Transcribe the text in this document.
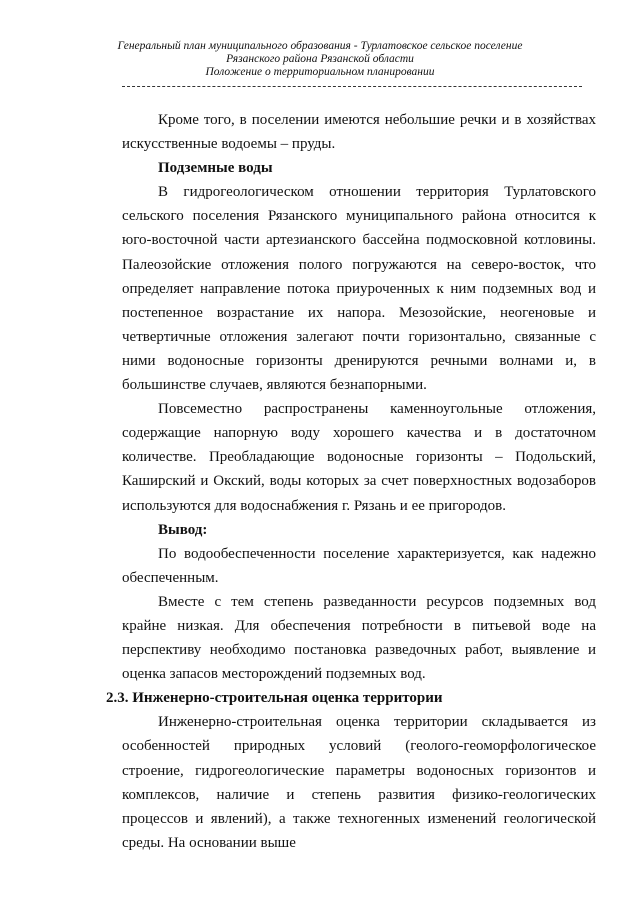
Генеральный план муниципального образования - Турлатовское сельское поселение
Рязанского района Рязанской области
Положение о территориальном планировании

Кроме того, в поселении имеются небольшие речки и в хозяйствах искусственные водоемы – пруды.

Подземные воды

В гидрогеологическом отношении территория Турлатовского сельского поселения Рязанского муниципального района относится к юго-восточной части артезианского бассейна подмосковной котловины. Палеозойские отложения полого погружаются на северо-восток, что определяет направление потока приуроченных к ним подземных вод и постепенное возрастание их напора. Мезозойские, неогеновые и четвертичные отложения залегают почти горизонтально, связанные с ними водоносные горизонты дренируются речными волнами и, в большинстве случаев, являются безнапорными.

Повсеместно распространены каменноугольные отложения, содержащие напорную воду хорошего качества и в достаточном количестве. Преобладающие водоносные горизонты – Подольский, Каширский и Окский, воды которых за счет поверхностных водозаборов используются для водоснабжения г. Рязань и ее пригородов.

Вывод:

По водообеспеченности поселение характеризуется, как надежно обеспеченным.

Вместе с тем степень разведанности ресурсов подземных вод крайне низкая. Для обеспечения потребности в питьевой воде на перспективу необходимо постановка разведочных работ, выявление и оценка запасов месторождений подземных вод.

2.3. Инженерно-строительная оценка территории

Инженерно-строительная оценка территории складывается из особенностей природных условий (геолого-геоморфологическое строение, гидрогеологические параметры водоносных горизонтов и комплексов, наличие и степень развития физико-геологических процессов и явлений), а также техногенных изменений геологической среды. На основании выше
